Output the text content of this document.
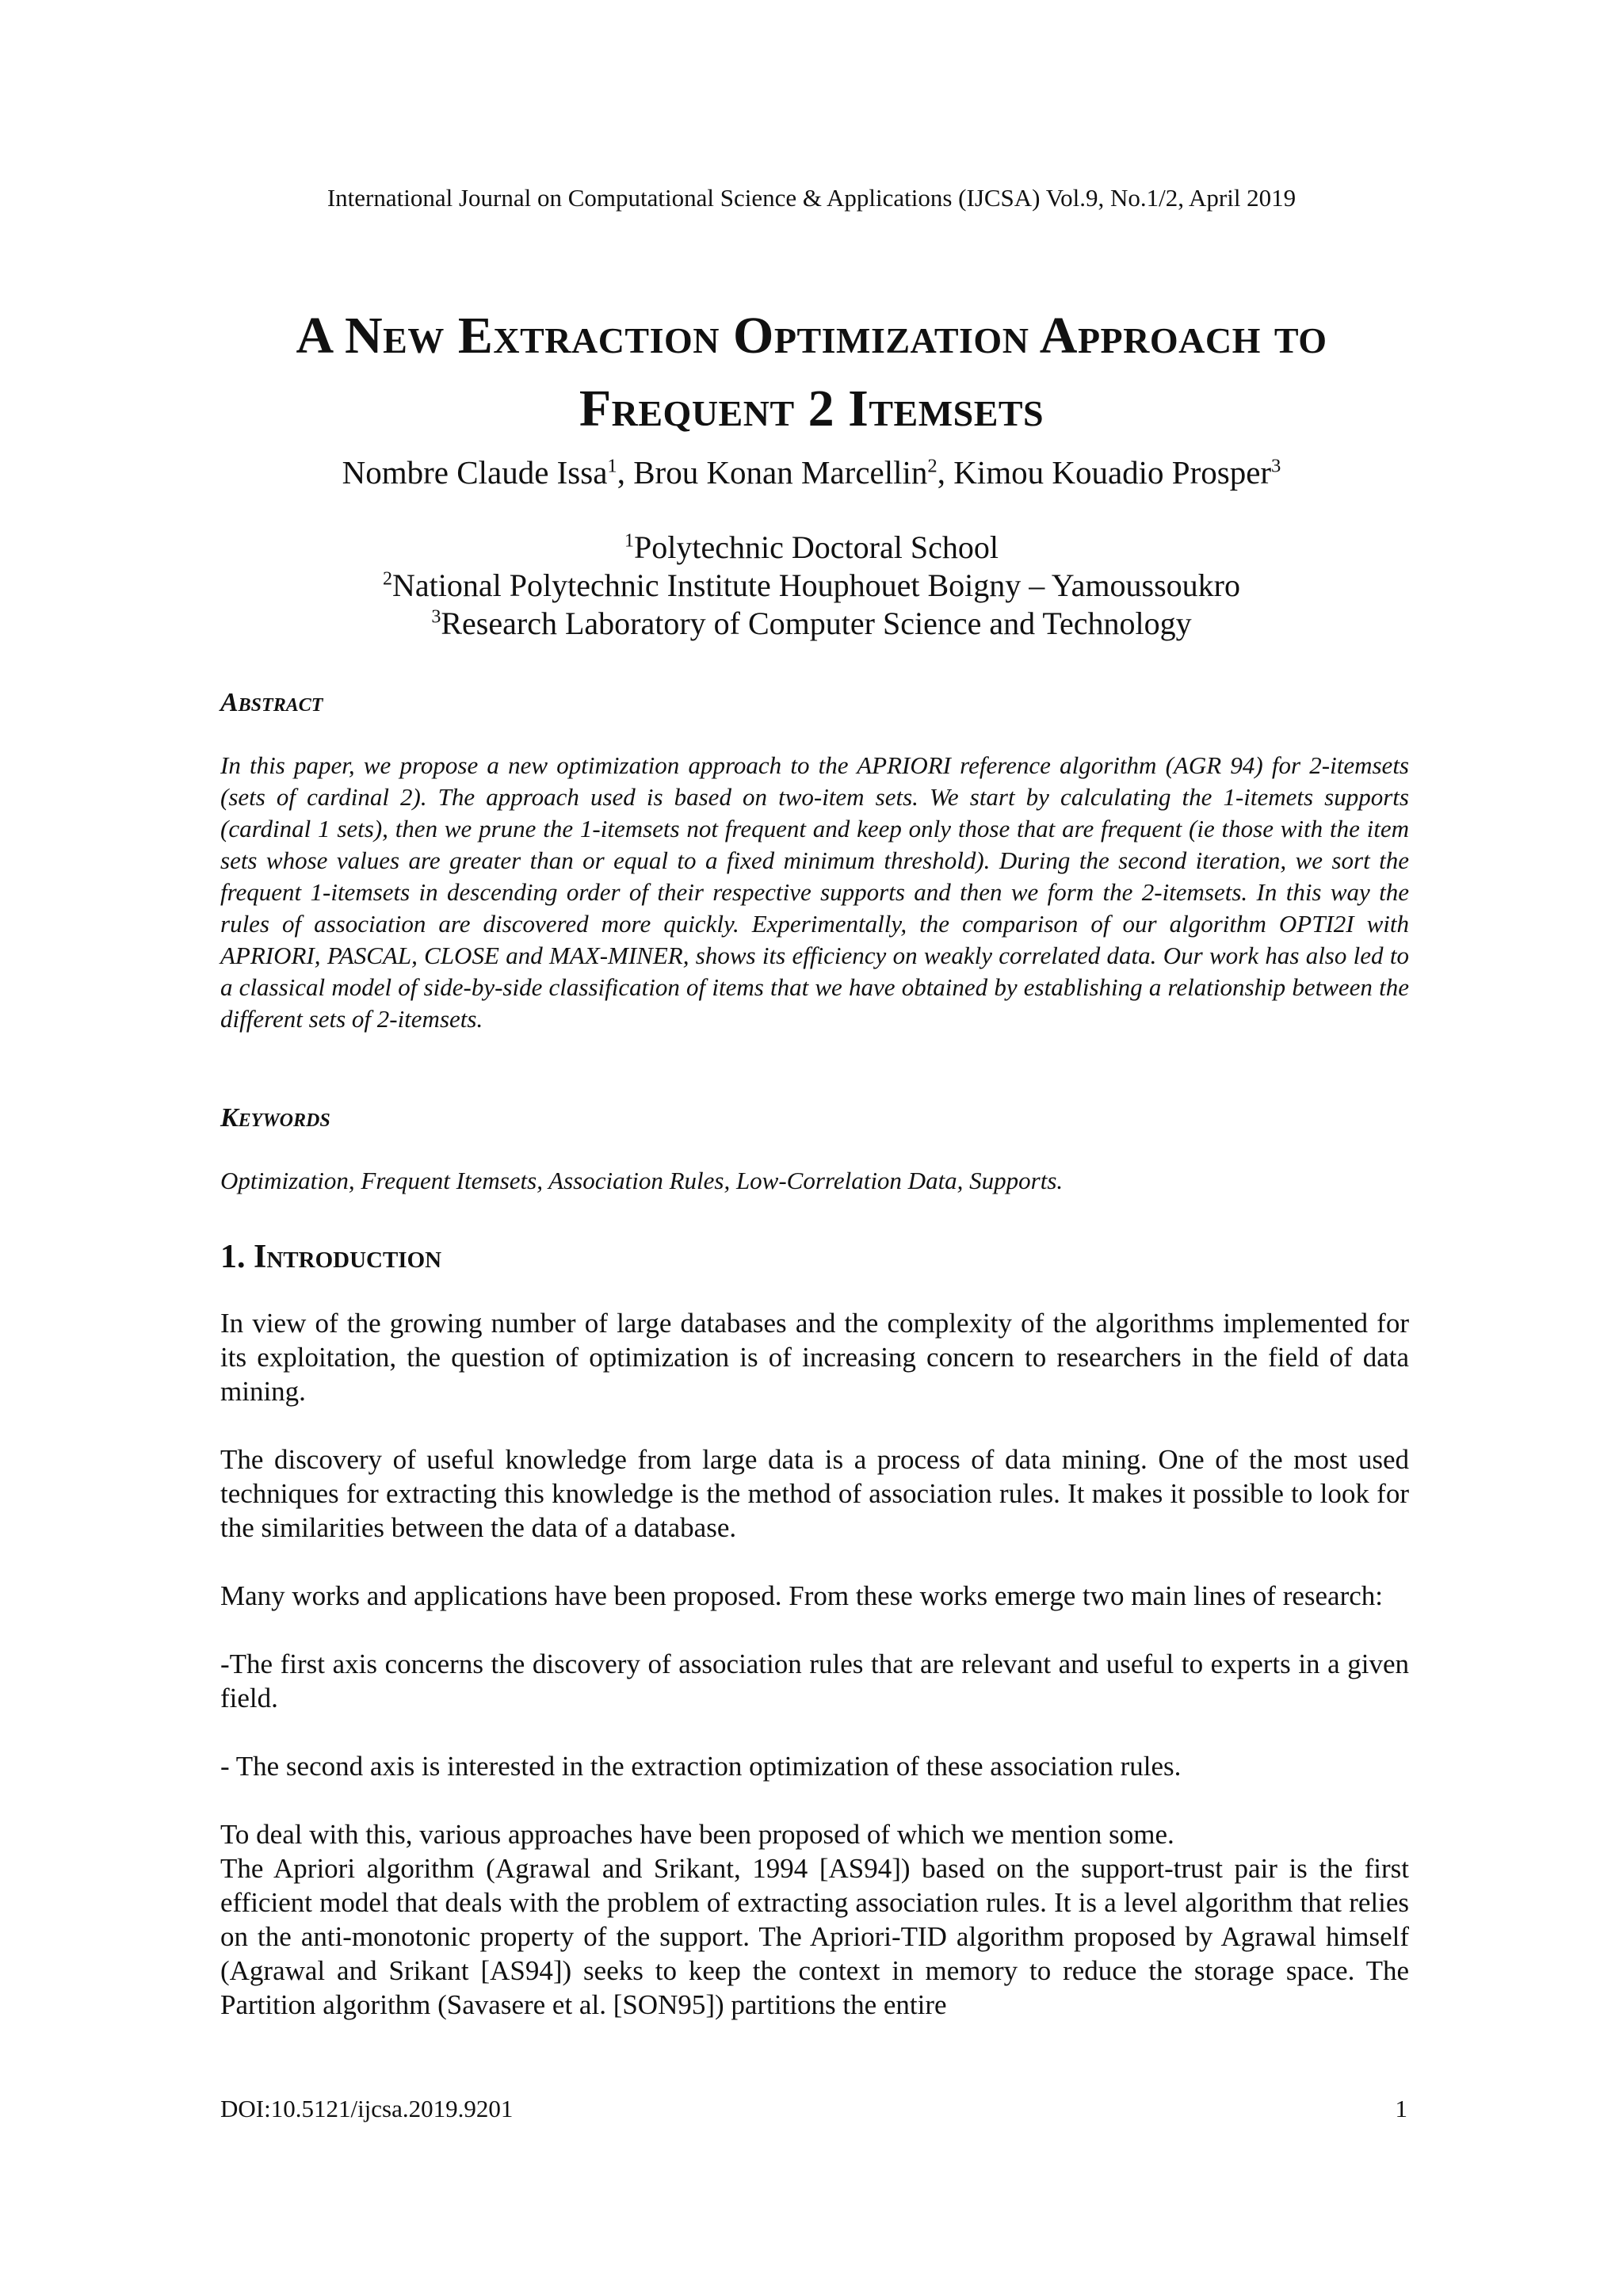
International Journal on Computational Science & Applications (IJCSA) Vol.9, No.1/2, April 2019
A New Extraction Optimization Approach to
Frequent 2 Itemsets
Nombre Claude Issa$^1$, Brou Konan Marcellin$^2$, Kimou Kouadio Prosper$^3$
$^1$Polytechnic Doctoral School
$^2$National Polytechnic Institute Houphouet Boigny – Yamoussoukro
$^3$Research Laboratory of Computer Science and Technology
Abstract
In this paper, we propose a new optimization approach to the APRIORI reference algorithm (AGR 94) for 2-itemsets (sets of cardinal 2). The approach used is based on two-item sets. We start by calculating the 1-itemets supports (cardinal 1 sets), then we prune the 1-itemsets not frequent and keep only those that are frequent (ie those with the item sets whose values are greater than or equal to a fixed minimum threshold). During the second iteration, we sort the frequent 1-itemsets in descending order of their respective supports and then we form the 2-itemsets. In this way the rules of association are discovered more quickly. Experimentally, the comparison of our algorithm OPTI2I with APRIORI, PASCAL, CLOSE and MAX-MINER, shows its efficiency on weakly correlated data. Our work has also led to a classical model of side-by-side classification of items that we have obtained by establishing a relationship between the different sets of 2-itemsets.
Keywords
Optimization, Frequent Itemsets, Association Rules, Low-Correlation Data, Supports.
1. Introduction

In view of the growing number of large databases and the complexity of the algorithms implemented for its exploitation, the question of optimization is of increasing concern to researchers in the field of data mining.

The discovery of useful knowledge from large data is a process of data mining. One of the most used techniques for extracting this knowledge is the method of association rules. It makes it possible to look for the similarities between the data of a database.

Many works and applications have been proposed. From these works emerge two main lines of research:

-The first axis concerns the discovery of association rules that are relevant and useful to experts in a given field.

- The second axis is interested in the extraction optimization of these association rules.

To deal with this, various approaches have been proposed of which we mention some.

The Apriori algorithm (Agrawal and Srikant, 1994 [AS94]) based on the support-trust pair is the first efficient model that deals with the problem of extracting association rules. It is a level algorithm that relies on the anti-monotonic property of the support. The Apriori-TID algorithm proposed by Agrawal himself (Agrawal and Srikant [AS94]) seeks to keep the context in memory to reduce the storage space. The Partition algorithm (Savasere et al. [SON95]) partitions the entire

DOI:10.5121/ijcsa.2019.9201	1
